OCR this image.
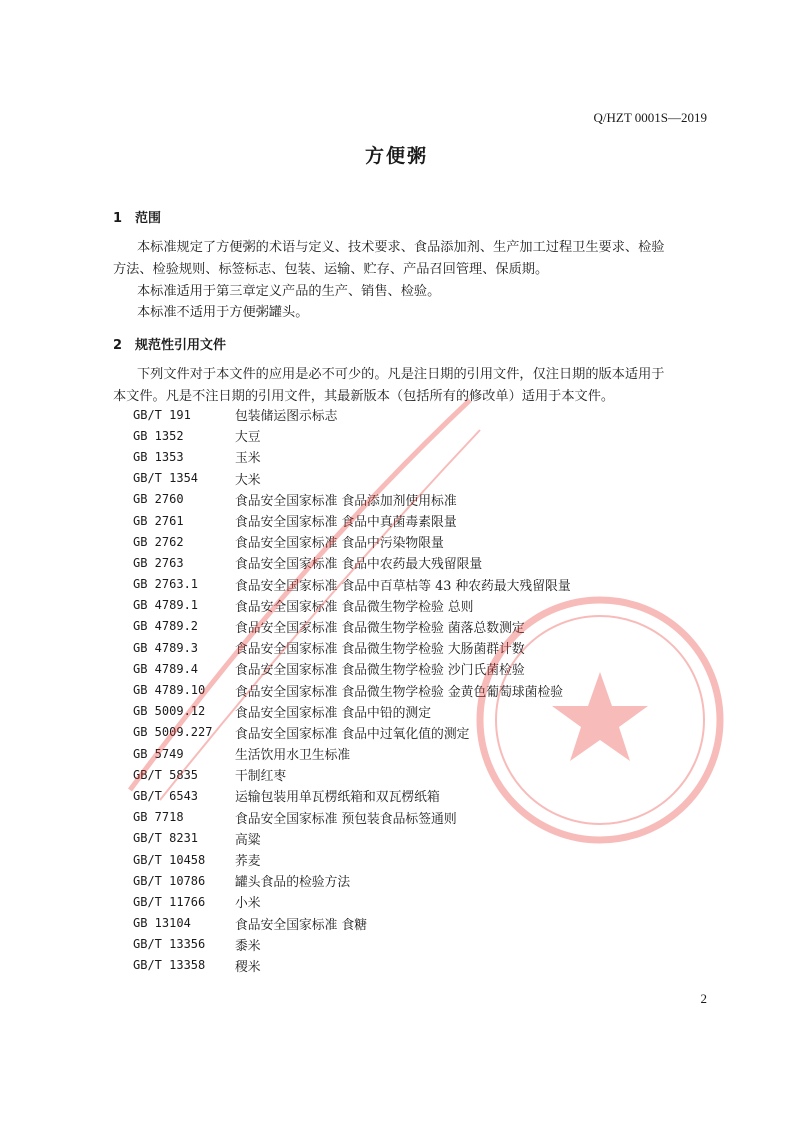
Q/HZT 0001S—2019
方便粥
1 范围
本标准规定了方便粥的术语与定义、技术要求、食品添加剂、生产加工过程卫生要求、检验
方法、检验规则、标签标志、包装、运输、贮存、产品召回管理、保质期。
本标准适用于第三章定义产品的生产、销售、检验。
本标准不适用于方便粥罐头。
2 规范性引用文件
下列文件对于本文件的应用是必不可少的。凡是注日期的引用文件，仅注日期的版本适用于
本文件。凡是不注日期的引用文件，其最新版本（包括所有的修改单）适用于本文件。
GB/T 191	包装储运图示标志
GB 1352	大豆
GB 1353	玉米
GB/T 1354	大米
GB 2760	食品安全国家标准 食品添加剂使用标准
GB 2761	食品安全国家标准 食品中真菌毒素限量
GB 2762	食品安全国家标准 食品中污染物限量
GB 2763	食品安全国家标准 食品中农药最大残留限量
GB 2763.1	食品安全国家标准 食品中百草枯等 43 种农药最大残留限量
GB 4789.1	食品安全国家标准 食品微生物学检验 总则
GB 4789.2	食品安全国家标准 食品微生物学检验 菌落总数测定
GB 4789.3	食品安全国家标准 食品微生物学检验 大肠菌群计数
GB 4789.4	食品安全国家标准 食品微生物学检验 沙门氏菌检验
GB 4789.10	食品安全国家标准 食品微生物学检验 金黄色葡萄球菌检验
GB 5009.12	食品安全国家标准 食品中铅的测定
GB 5009.227	食品安全国家标准 食品中过氧化值的测定
GB 5749	生活饮用水卫生标准
GB/T 5835	干制红枣
GB/T 6543	运输包装用单瓦楞纸箱和双瓦楞纸箱
GB 7718	食品安全国家标准 预包装食品标签通则
GB/T 8231	高粱
GB/T 10458	荞麦
GB/T 10786	罐头食品的检验方法
GB/T 11766	小米
GB 13104	食品安全国家标准 食糖
GB/T 13356	黍米
GB/T 13358	稷米
2
